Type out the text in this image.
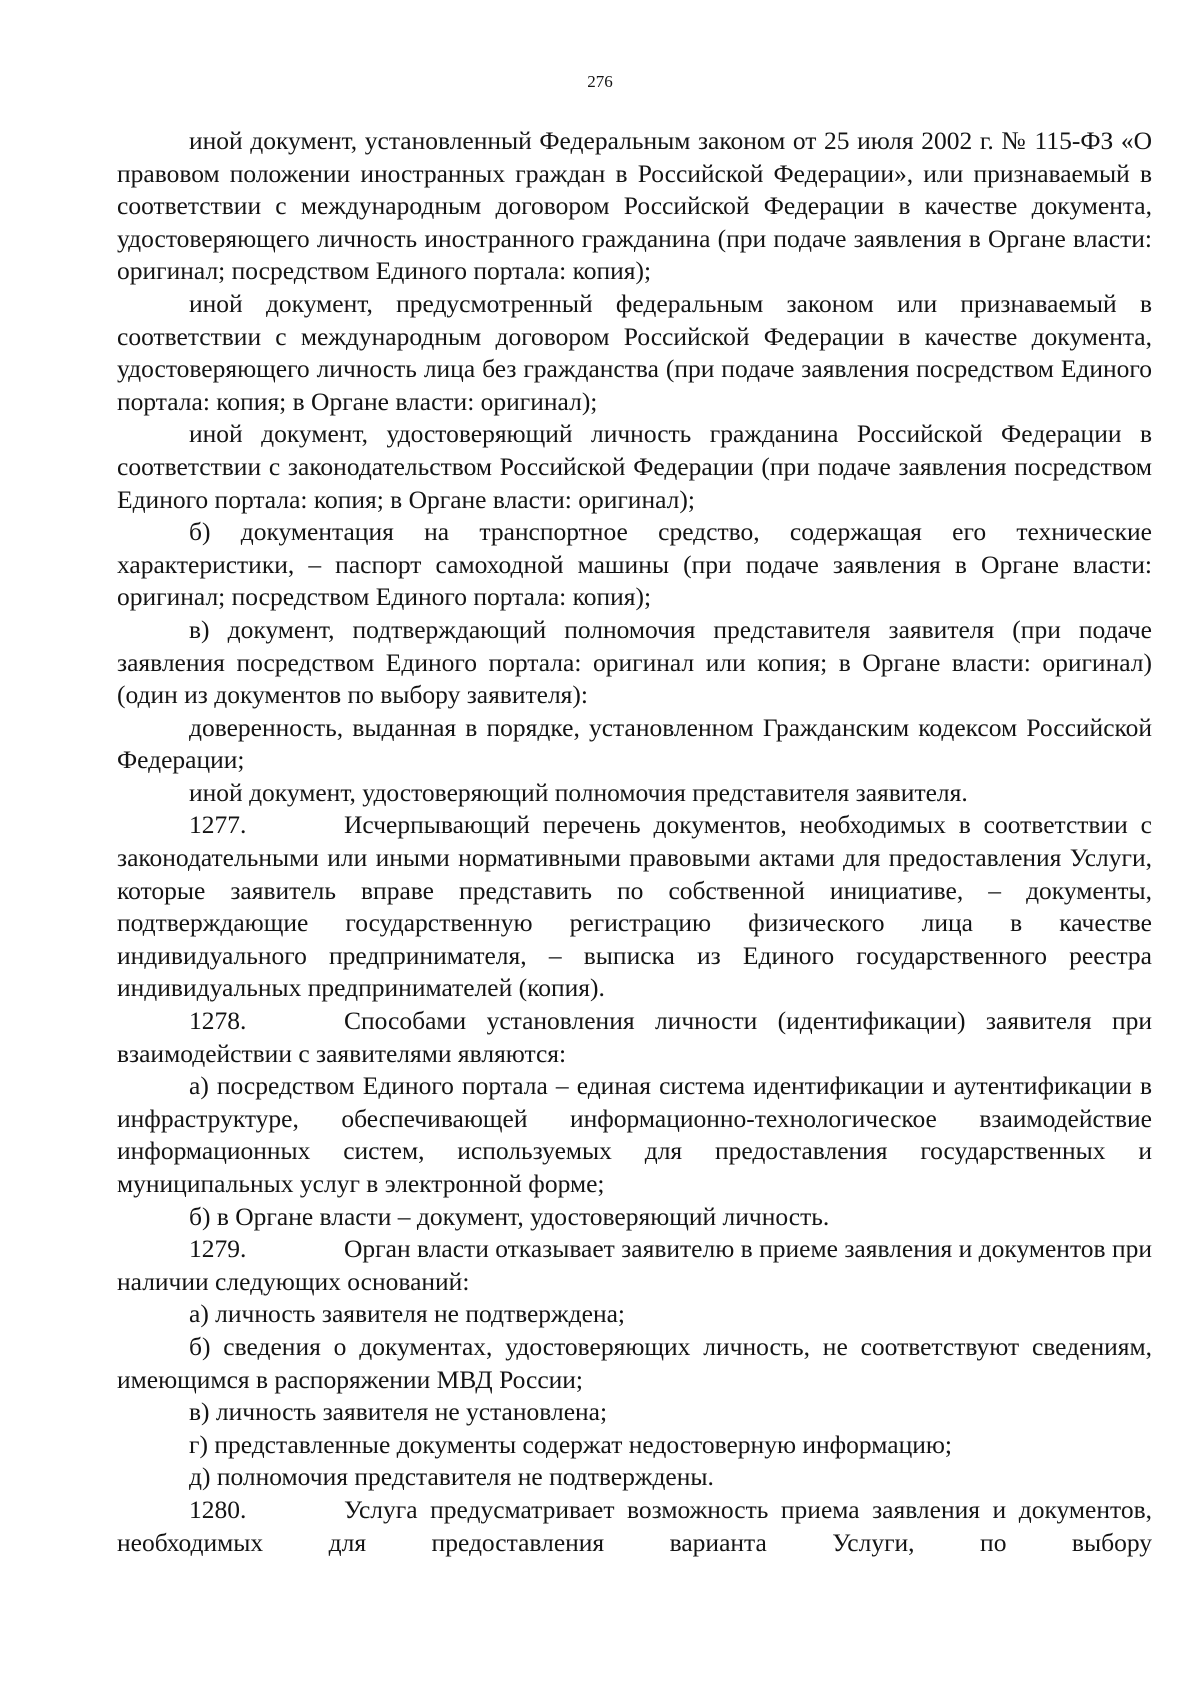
276

иной документ, установленный Федеральным законом от 25 июля 2002 г. № 115-ФЗ «О правовом положении иностранных граждан в Российской Федерации», или признаваемый в соответствии с международным договором Российской Федерации в качестве документа, удостоверяющего личность иностранного гражданина (при подаче заявления в Органе власти: оригинал; посредством Единого портала: копия);

иной документ, предусмотренный федеральным законом или признаваемый в соответствии с международным договором Российской Федерации в качестве документа, удостоверяющего личность лица без гражданства (при подаче заявления посредством Единого портала: копия; в Органе власти: оригинал);

иной документ, удостоверяющий личность гражданина Российской Федерации в соответствии с законодательством Российской Федерации (при подаче заявления посредством Единого портала: копия; в Органе власти: оригинал);

б) документация на транспортное средство, содержащая его технические характеристики, – паспорт самоходной машины (при подаче заявления в Органе власти: оригинал; посредством Единого портала: копия);

в) документ, подтверждающий полномочия представителя заявителя (при подаче заявления посредством Единого портала: оригинал или копия; в Органе власти: оригинал) (один из документов по выбору заявителя):

доверенность, выданная в порядке, установленном Гражданским кодексом Российской Федерации;

иной документ, удостоверяющий полномочия представителя заявителя.

1277.	Исчерпывающий перечень документов, необходимых в соответствии с законодательными или иными нормативными правовыми актами для предоставления Услуги, которые заявитель вправе представить по собственной инициативе, – документы, подтверждающие государственную регистрацию физического лица в качестве индивидуального предпринимателя, – выписка из Единого государственного реестра индивидуальных предпринимателей (копия).

1278.	Способами установления личности (идентификации) заявителя при взаимодействии с заявителями являются:

а) посредством Единого портала – единая система идентификации и аутентификации в инфраструктуре, обеспечивающей информационно-технологическое взаимодействие информационных систем, используемых для предоставления государственных и муниципальных услуг в электронной форме;

б) в Органе власти – документ, удостоверяющий личность.

1279.	Орган власти отказывает заявителю в приеме заявления и документов при наличии следующих оснований:

а) личность заявителя не подтверждена;

б) сведения о документах, удостоверяющих личность, не соответствуют сведениям, имеющимся в распоряжении МВД России;

в) личность заявителя не установлена;

г) представленные документы содержат недостоверную информацию;

д) полномочия представителя не подтверждены.

1280.	Услуга предусматривает возможность приема заявления и документов, необходимых для предоставления варианта Услуги, по выбору
